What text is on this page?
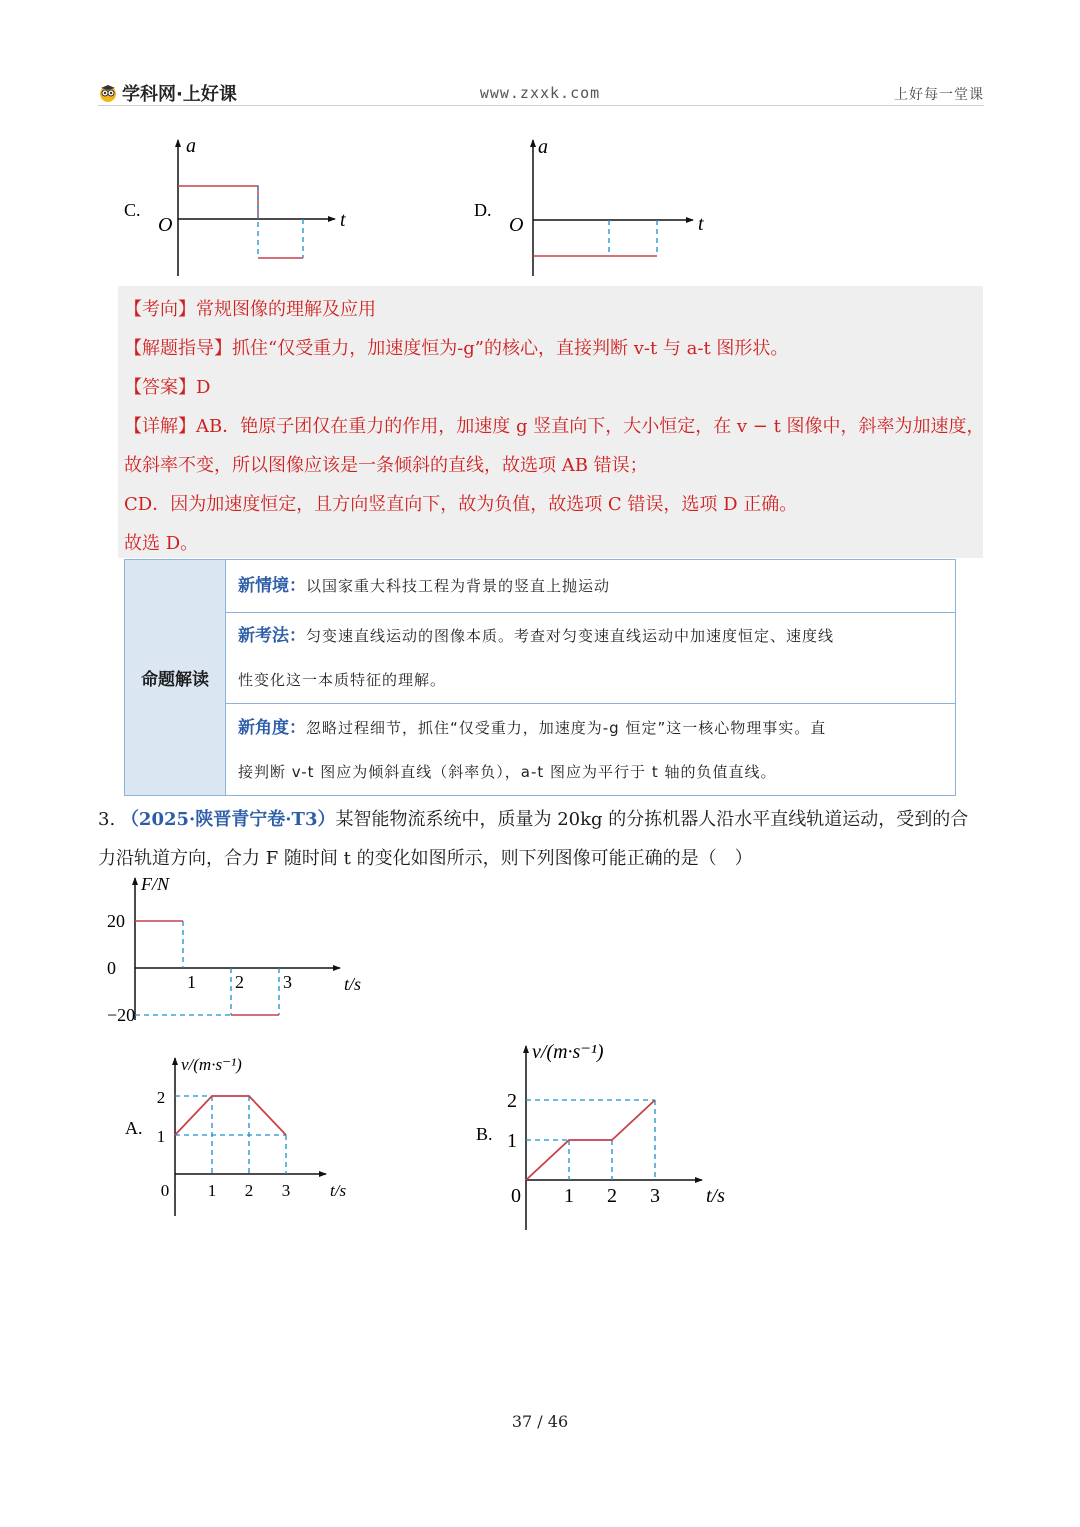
学科网·上好课	www.zxxk.com	上好每一堂课
C.
a
t
O
D.
a
t
O
【考向】常规图像的理解及应用
【解题指导】抓住“仅受重力，加速度恒为-g”的核心，直接判断 v-t 与 a-t 图形状。
【答案】D
【详解】AB．铯原子团仅在重力的作用，加速度 g 竖直向下，大小恒定，在 v − t 图像中，斜率为加速度，
故斜率不变，所以图像应该是一条倾斜的直线，故选项 AB 错误；
CD．因为加速度恒定，且方向竖直向下，故为负值，故选项 C 错误，选项 D 正确。
故选 D。
命题解读	新情境：以国家重大科技工程为背景的竖直上抛运动
新考法：匀变速直线运动的图像本质。考查对匀变速直线运动中加速度恒定、速度线
性变化这一本质特征的理解。
新角度：忽略过程细节，抓住“仅受重力，加速度为-g 恒定”这一核心物理事实。直
接判断 v-t 图应为倾斜直线（斜率负），a-t 图应为平行于 t 轴的负值直线。
3. （2025·陕晋青宁卷·T3）某智能物流系统中，质量为 20kg 的分拣机器人沿水平直线轨道运动，受到的合
力沿轨道方向，合力 F 随时间 t 的变化如图所示，则下列图像可能正确的是（　）
F/N
t/s
20
0
−20
1 2 3
v/(m·s⁻¹)
t/s
A.
2
1
0 1 2 3
v/(m·s⁻¹)
t/s
B.
2
1
0 1 2 3
37 / 46
